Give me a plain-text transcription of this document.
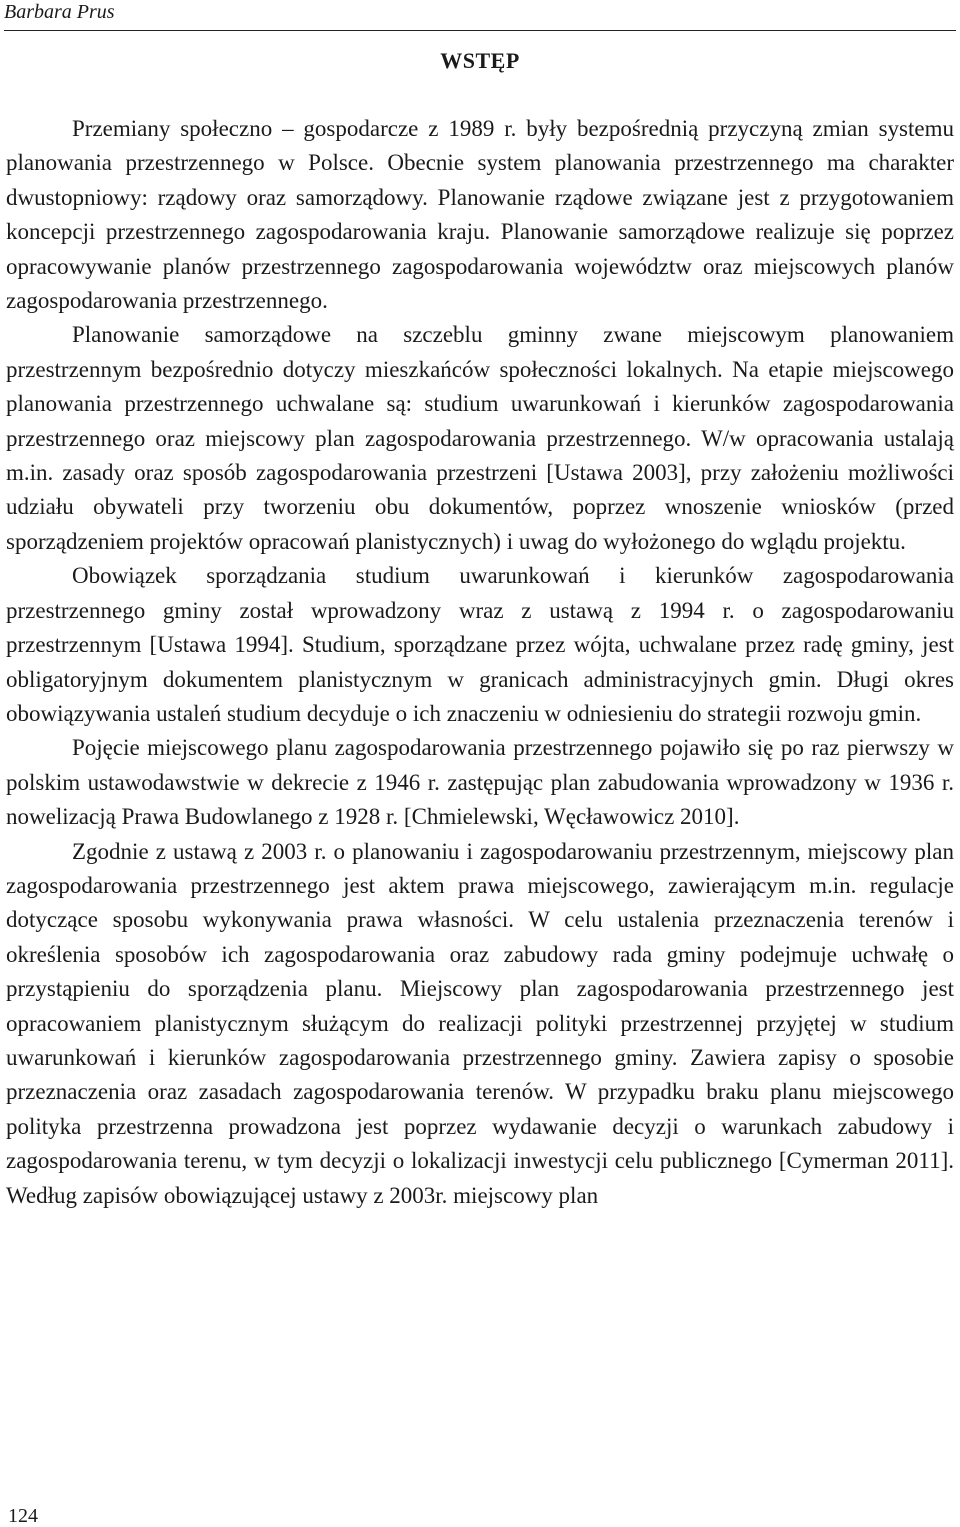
Barbara Prus
WSTĘP

Przemiany społeczno – gospodarcze z 1989 r. były bezpośrednią przyczyną zmian systemu planowania przestrzennego w Polsce. Obecnie system planowania przestrzennego ma charakter dwustopniowy: rządowy oraz samorządowy. Planowanie rządowe związane jest z przygotowaniem koncepcji przestrzennego zagospodarowania kraju. Planowanie samorządowe realizuje się poprzez opracowywanie planów przestrzennego zagospodarowania województw oraz miejscowych planów zagospodarowania przestrzennego.

Planowanie samorządowe na szczeblu gminny zwane miejscowym planowaniem przestrzennym bezpośrednio dotyczy mieszkańców społeczności lokalnych. Na etapie miejscowego planowania przestrzennego uchwalane są: studium uwarunkowań i kierunków zagospodarowania przestrzennego oraz miejscowy plan zagospodarowania przestrzennego. W/w opracowania ustalają m.in. zasady oraz sposób zagospodarowania przestrzeni [Ustawa 2003], przy założeniu możliwości udziału obywateli przy tworzeniu obu dokumentów, poprzez wnoszenie wniosków (przed sporządzeniem projektów opracowań planistycznych) i uwag do wyłożonego do wglądu projektu.

Obowiązek sporządzania studium uwarunkowań i kierunków zagospodarowania przestrzennego gminy został wprowadzony wraz z ustawą z 1994 r. o zagospodarowaniu przestrzennym [Ustawa 1994]. Studium, sporządzane przez wójta, uchwalane przez radę gminy, jest obligatoryjnym dokumentem planistycznym w granicach administracyjnych gmin. Długi okres obowiązywania ustaleń studium decyduje o ich znaczeniu w odniesieniu do strategii rozwoju gmin.

Pojęcie miejscowego planu zagospodarowania przestrzennego pojawiło się po raz pierwszy w polskim ustawodawstwie w dekrecie z 1946 r. zastępując plan zabudowania wprowadzony w 1936 r. nowelizacją Prawa Budowlanego z 1928 r. [Chmielewski, Węcławowicz 2010].

Zgodnie z ustawą z 2003 r. o planowaniu i zagospodarowaniu przestrzennym, miejscowy plan zagospodarowania przestrzennego jest aktem prawa miejscowego, zawierającym m.in. regulacje dotyczące sposobu wykonywania prawa własności. W celu ustalenia przeznaczenia terenów i określenia sposobów ich zagospodarowania oraz zabudowy rada gminy podejmuje uchwałę o przystąpieniu do sporządzenia planu. Miejscowy plan zagospodarowania przestrzennego jest opracowaniem planistycznym służącym do realizacji polityki przestrzennej przyjętej w studium uwarunkowań i kierunków zagospodarowania przestrzennego gminy. Zawiera zapisy o sposobie przeznaczenia oraz zasadach zagospodarowania terenów. W przypadku braku planu miejscowego polityka przestrzenna prowadzona jest poprzez wydawanie decyzji o warunkach zabudowy i zagospodarowania terenu, w tym decyzji o lokalizacji inwestycji celu publicznego [Cymerman 2011]. Według zapisów obowiązującej ustawy z 2003r. miejscowy plan

124
